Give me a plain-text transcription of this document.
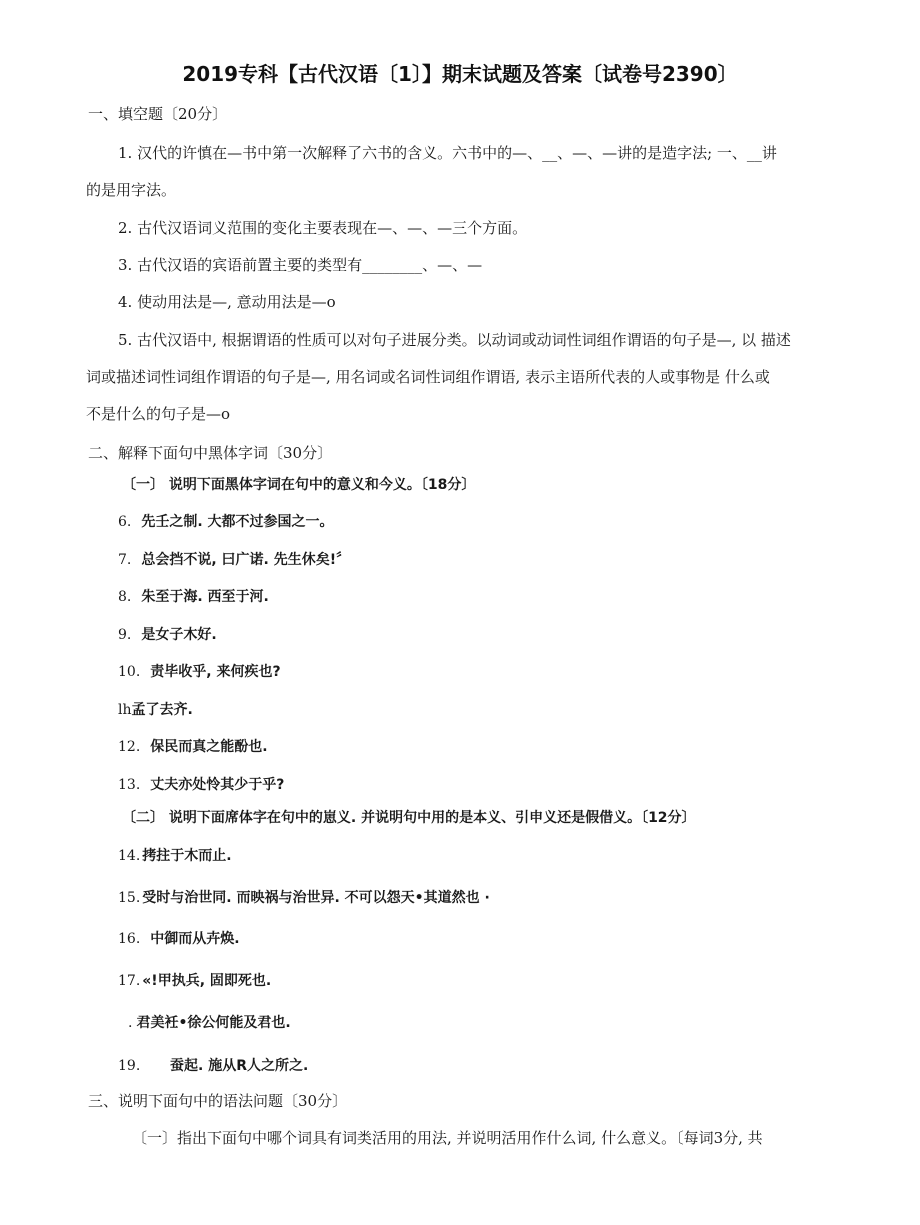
2019专科【古代汉语〔1〕】期末试题及答案〔试卷号2390〕
一、填空题〔20分〕
1. 汉代的许慎在—书中第一次解释了六书的含义。六书中的—、__、—、—讲的是造字法; 一、__讲
的是用字法。
2. 古代汉语词义范围的变化主要表现在—、—、—三个方面。
3. 古代汉语的宾语前置主要的类型有________、—、—
4. 使动用法是—, 意动用法是—o
5. 古代汉语中, 根据谓语的性质可以对句子进展分类。以动词或动词性词组作谓语的句子是—, 以 描述
词或描述词性词组作谓语的句子是—, 用名词或名词性词组作谓语, 表示主语所代表的人或事物是 什么或
不是什么的句子是—o
二、解释下面句中黑体字词〔30分〕
〔一〕 说明下面黑体字词在句中的意义和今义。〔18分〕
6. 先壬之制. 大都不过参国之一。
7. 总会挡不说, 曰广诺. 先生休矣!〞
8. 朱至于海. 西至于河.
9. 是女子木好.
10. 责毕收乎, 来何疾也?
lh孟了去齐.
12. 保民而真之能酚也.
13. 丈夫亦处怜其少于乎?
〔二〕 说明下面席体字在句中的崽义. 并说明句中用的是本义、引申义还是假借义。〔12分〕
14. 拷拄于木而止.
15. 受时与治世同. 而映祸与治世异. 不可以怨天•其道然也 ·
16. 中御而从卉焕.
17. «!甲执兵, 固即死也.
. 君美衽•徐公何能及君也.
19. 蚕起. 施从R人之所之.
三、说明下面句中的语法问题〔30分〕
〔一〕指出下面句中哪个词具有词类活用的用法, 并说明活用作什么词, 什么意义。〔每词3分, 共
